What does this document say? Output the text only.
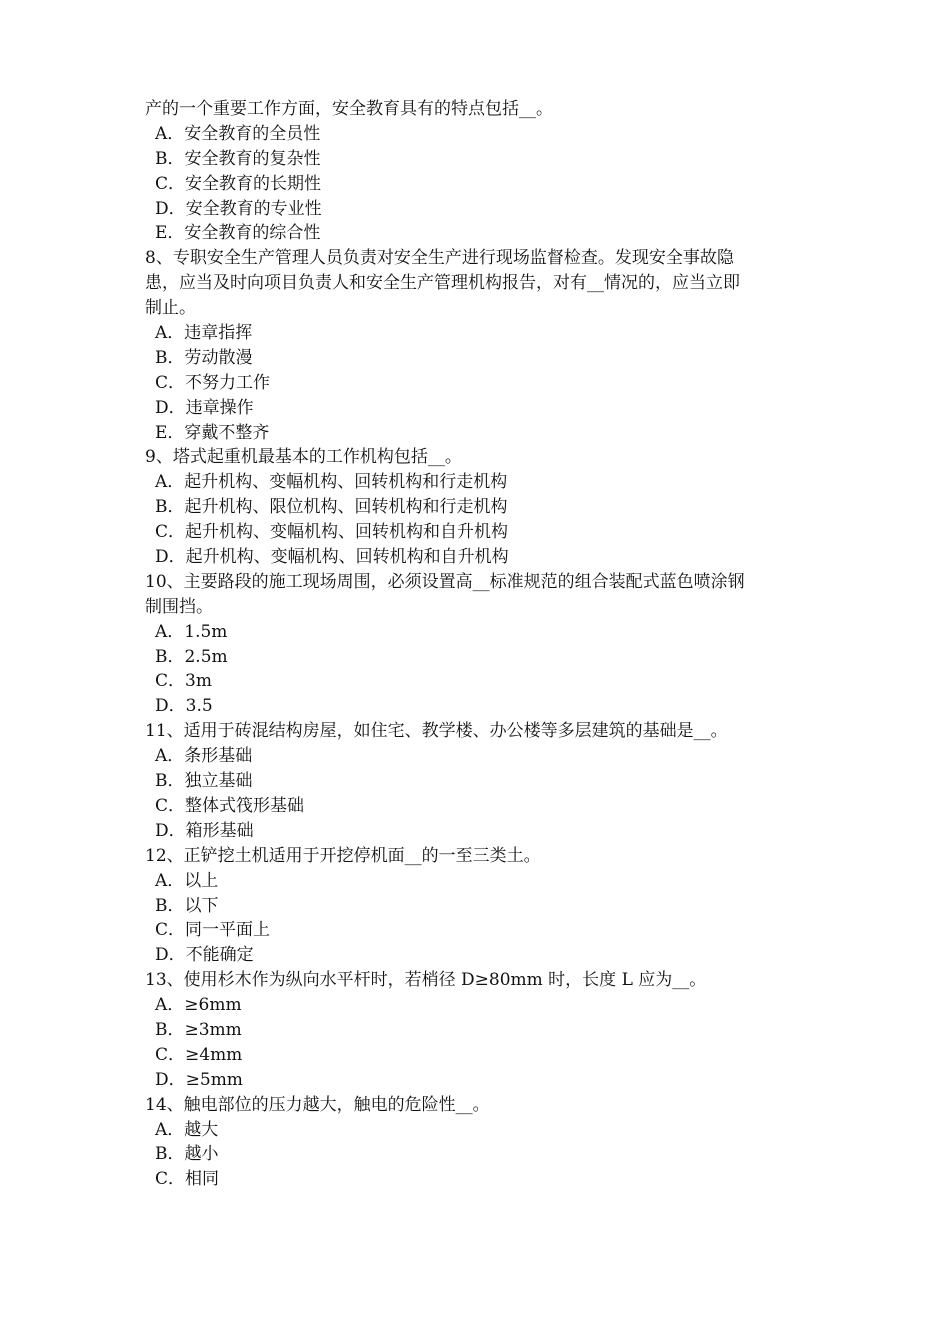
产的一个重要工作方面，安全教育具有的特点包括__。
A．安全教育的全员性
B．安全教育的复杂性
C．安全教育的长期性
D．安全教育的专业性
E．安全教育的综合性
8、专职安全生产管理人员负责对安全生产进行现场监督检查。发现安全事故隐
患，应当及时向项目负责人和安全生产管理机构报告，对有__情况的，应当立即
制止。
A．违章指挥
B．劳动散漫
C．不努力工作
D．违章操作
E．穿戴不整齐
9、塔式起重机最基本的工作机构包括__。
A．起升机构、变幅机构、回转机构和行走机构
B．起升机构、限位机构、回转机构和行走机构
C．起升机构、变幅机构、回转机构和自升机构
D．起升机构、变幅机构、回转机构和自升机构
10、主要路段的施工现场周围，必须设置高__标准规范的组合装配式蓝色喷涂钢
制围挡。
A．1.5m
B．2.5m
C．3m
D．3.5
11、适用于砖混结构房屋，如住宅、教学楼、办公楼等多层建筑的基础是__。
A．条形基础
B．独立基础
C．整体式筏形基础
D．箱形基础
12、正铲挖土机适用于开挖停机面__的一至三类土。
A．以上
B．以下
C．同一平面上
D．不能确定
13、使用杉木作为纵向水平杆时，若梢径 D≥80mm 时，长度 L 应为__。
A．≥6mm
B．≥3mm
C．≥4mm
D．≥5mm
14、触电部位的压力越大，触电的危险性__。
A．越大
B．越小
C．相同
